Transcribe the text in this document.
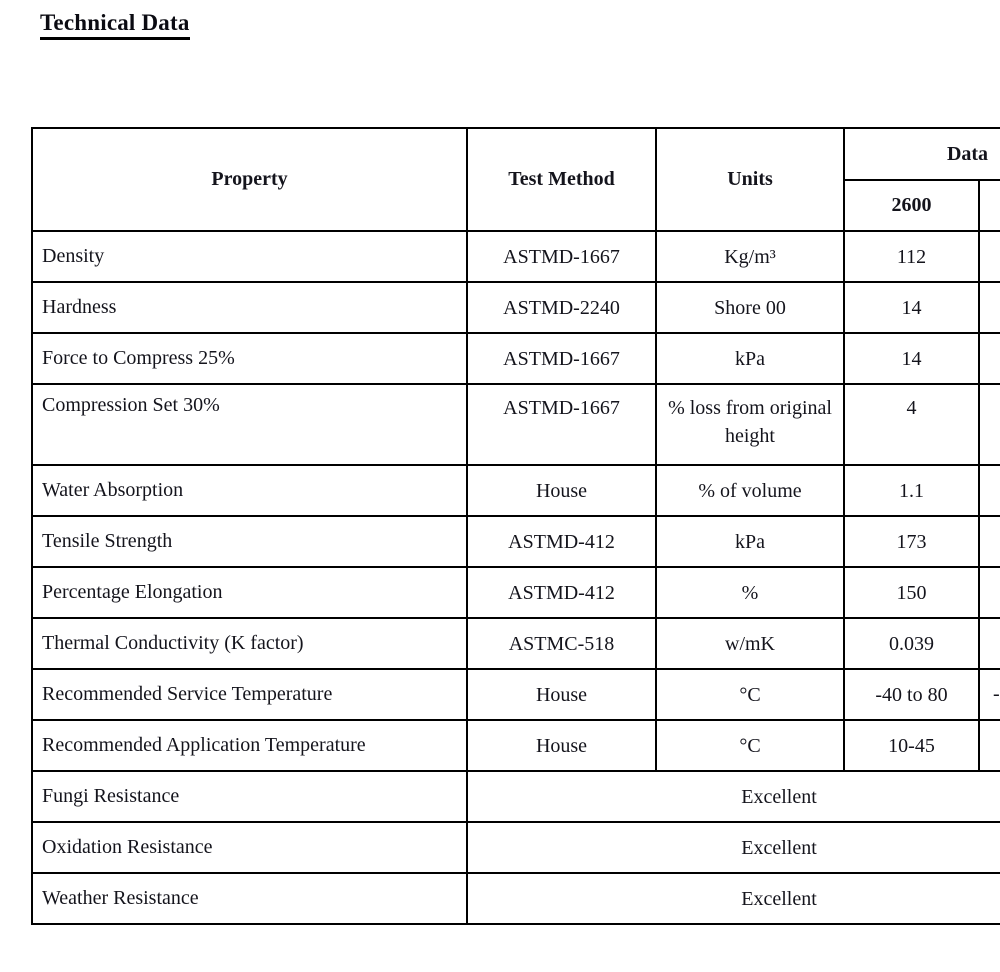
Technical Data
Property	Test Method	Units	Data	
			2600	
Density	ASTMD-1667	Kg/m³	112	
Hardness	ASTMD-2240	Shore 00	14	
Force to Compress 25%	ASTMD-1667	kPa	14	
Compression Set 30%	ASTMD-1667	% loss from original height	4	
Water Absorption	House	% of volume	1.1	
Tensile Strength	ASTMD-412	kPa	173	
Percentage Elongation	ASTMD-412	%	150	
Thermal Conductivity (K factor)	ASTMC-518	w/mK	0.039	
Recommended Service Temperature	House	°C	-40 to 80	-
Recommended Application Temperature	House	°C	10-45	
Fungi Resistance	Excellent			
Oxidation Resistance	Excellent			
Weather Resistance	Excellent			
